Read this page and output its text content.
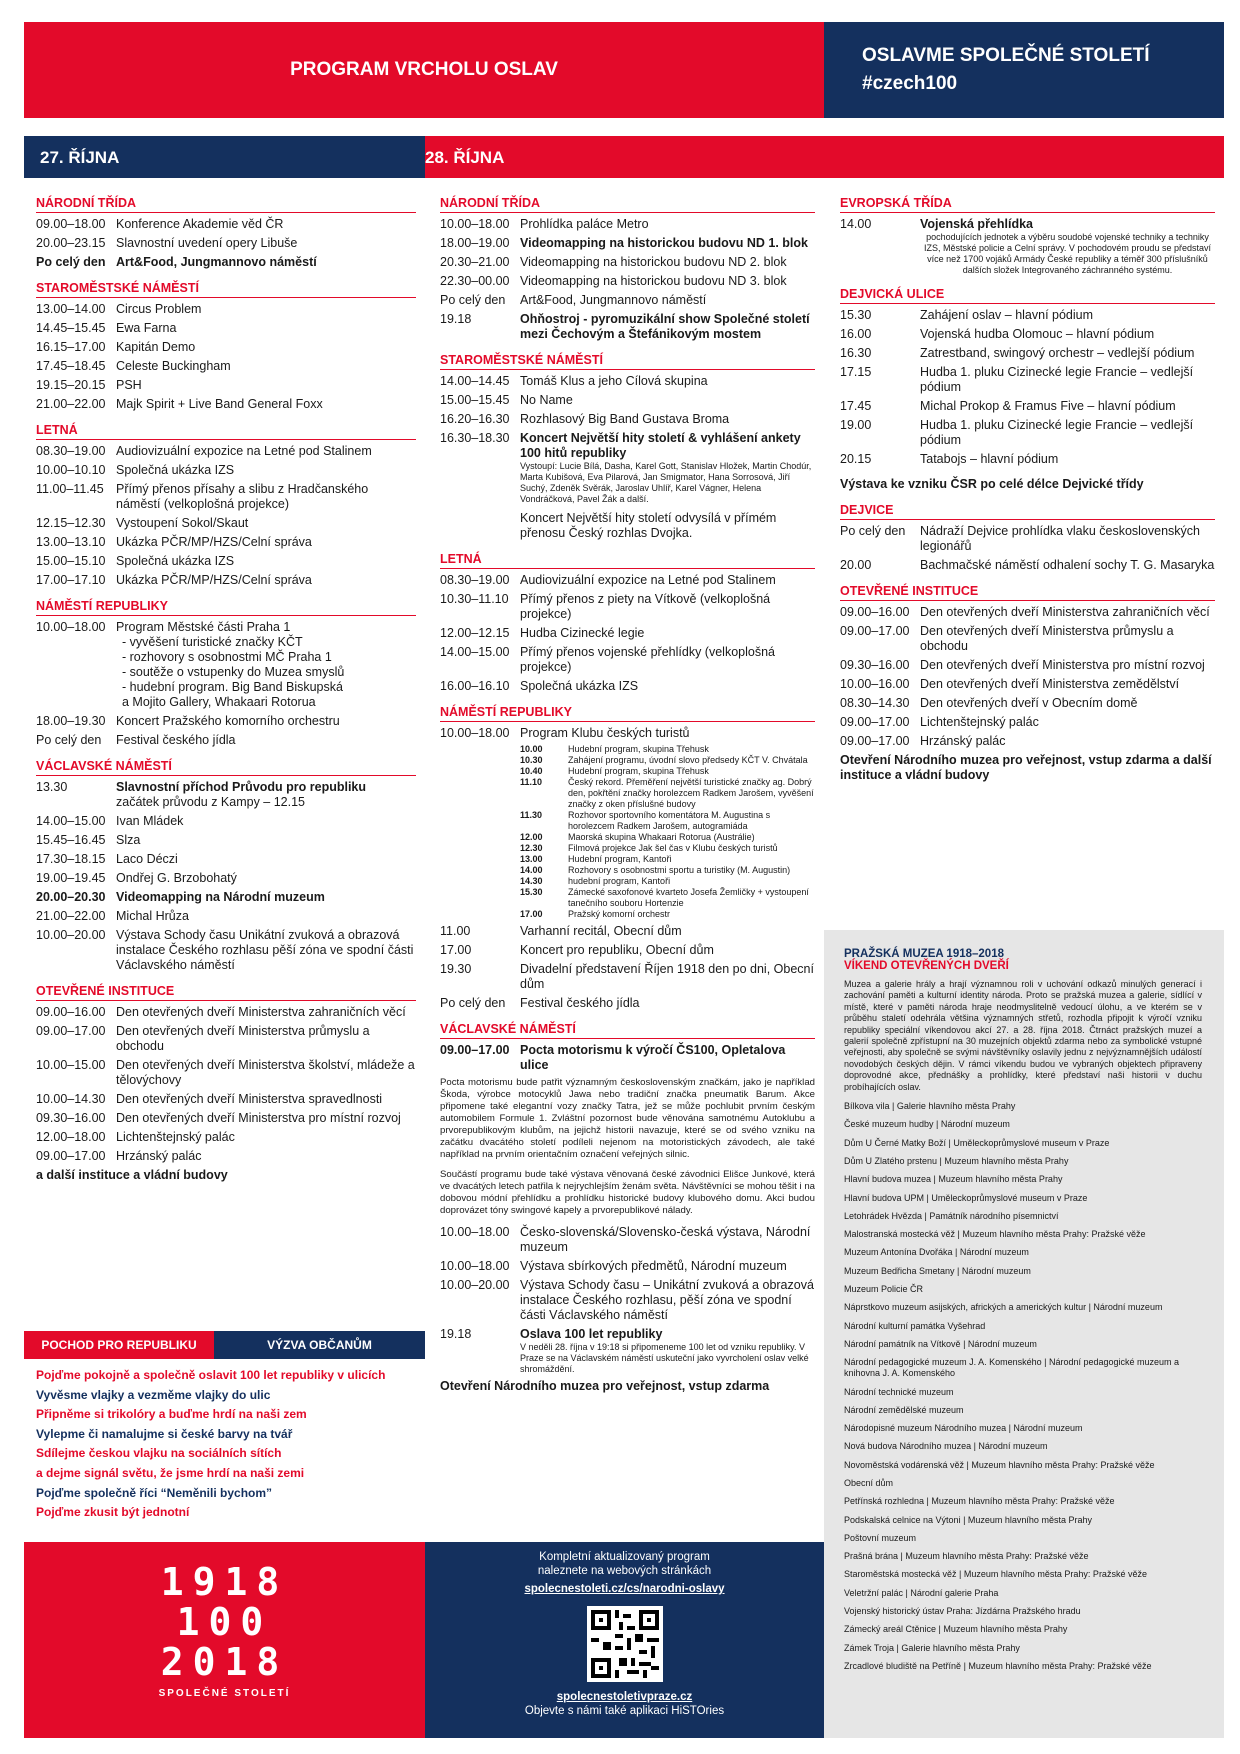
PROGRAM VRCHOLU OSLAV
OSLAVME SPOLEČNÉ STOLETÍ
#czech100
27. ŘÍJNA	28. ŘÍJNA
NÁRODNÍ TŘÍDA
09.00–18.00 Konference Akademie věd ČR
20.00–23.15 Slavnostní uvedení opery Libuše
Po celý den Art&Food, Jungmannovo náměstí
STAROMĚSTSKÉ NÁMĚSTÍ
13.00–14.00 Circus Problem
14.45–15.45 Ewa Farna
16.15–17.00 Kapitán Demo
17.45–18.45 Celeste Buckingham
19.15–20.15 PSH
21.00–22.00 Majk Spirit + Live Band General Foxx
LETNÁ
08.30–19.00 Audiovizuální expozice na Letné pod Stalinem
10.00–10.10 Společná ukázka IZS
11.00–11.45 Přímý přenos přísahy a slibu z Hradčanského náměstí (velkoplošná projekce)
12.15–12.30 Vystoupení Sokol/Skaut
13.00–13.10 Ukázka PČR/MP/HZS/Celní správa
15.00–15.10 Společná ukázka IZS
17.00–17.10 Ukázka PČR/MP/HZS/Celní správa
NÁMĚSTÍ REPUBLIKY
10.00–18.00 Program Městské části Praha 1
- vyvěšení turistické značky KČT
- rozhovory s osobnostmi MČ Praha 1
- soutěže o vstupenky do Muzea smyslů
- hudební program. Big Band Biskupská
a Mojito Gallery, Whakaari Rotorua
18.00–19.30 Koncert Pražského komorního orchestru
Po celý den	Festival českého jídla
VÁCLAVSKÉ NÁMĚSTÍ
13.30	Slavnostní příchod Průvodu pro republiku
začátek průvodu z Kampy – 12.15
14.00–15.00 Ivan Mládek
15.45–16.45 Slza
17.30–18.15 Laco Déczi
19.00–19.45 Ondřej G. Brzobohatý
20.00–20.30 Videomapping na Národní muzeum
21.00–22.00 Michal Hrůza
10.00–20.00 Výstava Schody času Unikátní zvuková a obrazová instalace Českého rozhlasu pěší zóna ve spodní části Václavského náměstí
OTEVŘENÉ INSTITUCE
09.00–16.00 Den otevřených dveří Ministerstva zahraničních věcí
09.00–17.00 Den otevřených dveří Ministerstva průmyslu a obchodu
10.00–15.00 Den otevřených dveří Ministerstva školství, mládeže a tělovýchovy
10.00–14.30 Den otevřených dveří Ministerstva spravedlnosti
09.30–16.00 Den otevřených dveří Ministerstva pro místní rozvoj
12.00–18.00 Lichtenštejnský palác
09.00–17.00 Hrzánský palác
a další instituce a vládní budovy
NÁRODNÍ TŘÍDA
10.00–18.00 Prohlídka paláce Metro
18.00–19.00 Videomapping na historickou budovu ND 1. blok
20.30–21.00 Videomapping na historickou budovu ND 2. blok
22.30–00.00 Videomapping na historickou budovu ND 3. blok
Po celý den	Art&Food, Jungmannovo náměstí
19.18	Ohňostroj - pyromuzikální show Společné století mezi Čechovým a Štefánikovým mostem
STAROMĚSTSKÉ NÁMĚSTÍ
14.00–14.45 Tomáš Klus a jeho Cílová skupina
15.00–15.45 No Name
16.20–16.30 Rozhlasový Big Band Gustava Broma
16.30–18.30 Koncert Největší hity století & vyhlášení ankety 100 hitů republiky
Vystoupí: Lucie Bílá, Dasha, Karel Gott, Stanislav Hložek, Martin Chodúr, Marta Kubišová, Eva Pilarová, Jan Smigmator, Hana Sorrosová, Jiří Suchý, Zdeněk Svěrák, Jaroslav Uhlíř, Karel Vágner, Helena Vondráčková, Pavel Žák a další.
Koncert Největší hity století odvysílá v přímém přenosu Český rozhlas Dvojka.
LETNÁ
08.30–19.00 Audiovizuální expozice na Letné pod Stalinem
10.30–11.10 Přímý přenos z piety na Vítkově (velkoplošná projekce)
12.00–12.15 Hudba Cizinecké legie
14.00–15.00 Přímý přenos vojenské přehlídky (velkoplošná projekce)
16.00–16.10 Společná ukázka IZS
NÁMĚSTÍ REPUBLIKY
10.00–18.00 Program Klubu českých turistů
10.00	Hudební program, skupina Třehusk
10.30	Zahájení programu, úvodní slovo předsedy KČT V. Chvátala
10.40	Hudební program, skupina Třehusk
11.10	Český rekord. Přeměření největší turistické značky ag. Dobrý den, pokřtění značky horolezcem Radkem Jarošem, vyvěšení značky z oken příslušné budovy
11.30	Rozhovor sportovního komentátora M. Augustina s horolezcem Radkem Jarošem, autogramiáda
12.00	Maorská skupina Whakaari Rotorua (Austrálie)
12.30	Filmová projekce Jak šel čas v Klubu českých turistů
13.00	Hudební program, Kantoři
14.00	Rozhovory s osobnostmi sportu a turistiky (M. Augustin)
14.30	hudební program, Kantoři
15.30	Zámecké saxofonové kvarteto Josefa Žemličky + vystoupení tanečního souboru Hortenzie
17.00	Pražský komorní orchestr
11.00	Varhanní recitál, Obecní dům
17.00	Koncert pro republiku, Obecní dům
19.30	Divadelní představení Říjen 1918 den po dni, Obecní dům
Po celý den	Festival českého jídla
VÁCLAVSKÉ NÁMĚSTÍ
09.00–17.00 Pocta motorismu k výročí ČS100, Opletalova ulice
Pocta motorismu bude patřit významným československým značkám, jako je například Škoda, výrobce motocyklů Jawa nebo tradiční značka pneumatik Barum. Akce připomene také elegantní vozy značky Tatra, jež se může pochlubit prvním českým automobilem Formule 1. Zvláštní pozornost bude věnována samotnému Autoklubu a prvorepublikovým klubům, na jejichž historii navazuje, které se od svého vzniku na začátku dvacátého století podíleli nejenom na motoristických závodech, ale také například na prvním orientačním označení veřejných silnic.
Součástí programu bude také výstava věnovaná české závodnici Elišce Junkové, která ve dvacátých letech patřila k nejrychlejším ženám světa. Návštěvníci se mohou těšit i na dobovou módní přehlídku a prohlídku historické budovy klubového domu. Akci budou doprovázet tóny swingové kapely a prvorepublikové nálady.
10.00–18.00 Česko-slovenská/Slovensko-česká výstava, Národní muzeum
10.00–18.00 Výstava sbírkových předmětů, Národní muzeum
10.00–20.00 Výstava Schody času – Unikátní zvuková a obrazová instalace Českého rozhlasu, pěší zóna ve spodní části Václavského náměstí
19.18	Oslava 100 let republiky
V neděli 28. října v 19:18 si připomeneme 100 let od vzniku republiky. V Praze se na Václavském náměstí uskuteční jako vyvrcholení oslav velké shromáždění.
Otevření Národního muzea pro veřejnost, vstup zdarma
EVROPSKÁ TŘÍDA
14.00	Vojenská přehlídka
pochodujících jednotek a výběru soudobé vojenské techniky a techniky IZS, Městské policie a Celní správy. V pochodovém proudu se představí více než 1700 vojáků Armády České republiky a téměř 300 příslušníků dalších složek Integrovaného záchranného systému.
DEJVICKÁ ULICE
15.30	Zahájení oslav – hlavní pódium
16.00	Vojenská hudba Olomouc – hlavní pódium
16.30	Zatrestband, swingový orchestr – vedlejší pódium
17.15	Hudba 1. pluku Cizinecké legie Francie – vedlejší pódium
17.45	Michal Prokop & Framus Five – hlavní pódium
19.00	Hudba 1. pluku Cizinecké legie Francie – vedlejší pódium
20.15	Tatabojs – hlavní pódium
Výstava ke vzniku ČSR po celé délce Dejvické třídy
DEJVICE
Po celý den	Nádraží Dejvice prohlídka vlaku československých legionářů
20.00	Bachmačské náměstí odhalení sochy T. G. Masaryka
OTEVŘENÉ INSTITUCE
09.00–16.00 Den otevřených dveří Ministerstva zahraničních věcí
09.00–17.00 Den otevřených dveří Ministerstva průmyslu a obchodu
09.30–16.00 Den otevřených dveří Ministerstva pro místní rozvoj
10.00–16.00 Den otevřených dveří Ministerstva zemědělství
08.30–14.30 Den otevřených dveří v Obecním domě
09.00–17.00 Lichtenštejnský palác
09.00–17.00 Hrzánský palác
Otevření Národního muzea pro veřejnost, vstup zdarma a další instituce a vládní budovy
POCHOD PRO REPUBLIKU	VÝZVA OBČANŮM
Pojďme pokojně a společně oslavit 100 let republiky v ulicích
Vyvěsme vlajky a vezměme vlajky do ulic
Připněme si trikolóry a buďme hrdí na naši zem
Vylepme či namalujme si české barvy na tvář
Sdílejme českou vlajku na sociálních sítích
a dejme signál světu, že jsme hrdí na naši zemi
Pojďme společně říci “Neměnili bychom”
Pojďme zkusit být jednotní
PRAŽSKÁ MUZEA 1918–2018
VÍKEND OTEVŘENÝCH DVEŘÍ
Muzea a galerie hrály a hrají významnou roli v uchování odkazů minulých generací i zachování paměti a kulturní identity národa. Proto se pražská muzea a galerie, sídlící v místě, které v paměti národa hraje neodmyslitelně vedoucí úlohu, a ve kterém se v průběhu staletí odehrála většina významných střetů, rozhodla připojit k výročí vzniku republiky speciální víkendovou akcí 27. a 28. října 2018. Čtrnáct pražských muzeí a galerií společně zpřístupní na 30 muzejních objektů zdarma nebo za symbolické vstupné veřejnosti, aby společně se svými návštěvníky oslavily jednu z nejvýznamnějších událostí novodobých českých dějin. V rámci víkendu budou ve vybraných objektech připraveny doprovodné akce, přednášky a prohlídky, které představí naši historii v duchu probíhajících oslav.
Bílkova vila | Galerie hlavního města Prahy
České muzeum hudby | Národní muzeum
Dům U Černé Matky Boží | Uměleckoprůmyslové museum v Praze
Dům U Zlatého prstenu | Muzeum hlavního města Prahy
Hlavní budova muzea | Muzeum hlavního města Prahy
Hlavní budova UPM | Uměleckoprůmyslové museum v Praze
Letohrádek Hvězda | Památník národního písemnictví
Malostranská mostecká věž | Muzeum hlavního města Prahy: Pražské věže
Muzeum Antonína Dvořáka | Národní muzeum
Muzeum Bedřicha Smetany | Národní muzeum
Muzeum Policie ČR
Náprstkovo muzeum asijských, afrických a amerických kultur | Národní muzeum
Národní kulturní památka Vyšehrad
Národní památník na Vítkově | Národní muzeum
Národní pedagogické muzeum J. A. Komenského | Národní pedagogické muzeum a knihovna J. A. Komenského
Národní technické muzeum
Národní zemědělské muzeum
Národopisné muzeum Národního muzea | Národní muzeum
Nová budova Národního muzea | Národní muzeum
Novoměstská vodárenská věž | Muzeum hlavního města Prahy: Pražské věže
Obecní dům
Petřínská rozhledna | Muzeum hlavního města Prahy: Pražské věže
Podskalská celnice na Výtoni | Muzeum hlavního města Prahy
Poštovní muzeum
Prašná brána | Muzeum hlavního města Prahy: Pražské věže
Staroměstská mostecká věž | Muzeum hlavního města Prahy: Pražské věže
Veletržní palác | Národní galerie Praha
Vojenský historický ústav Praha: Jízdárna Pražského hradu
Zámecký areál Ctěnice | Muzeum hlavního města Prahy
Zámek Troja | Galerie hlavního města Prahy
Zrcadlové bludiště na Petříně | Muzeum hlavního města Prahy: Pražské věže
1918
100
2018
SPOLEČNÉ STOLETÍ
Kompletní aktualizovaný program
naleznete na webových stránkách
spolecnestoleti.cz/cs/narodni-oslavy
spolecnestoletivpraze.cz
Objevte s námi také aplikaci HiSTOries
